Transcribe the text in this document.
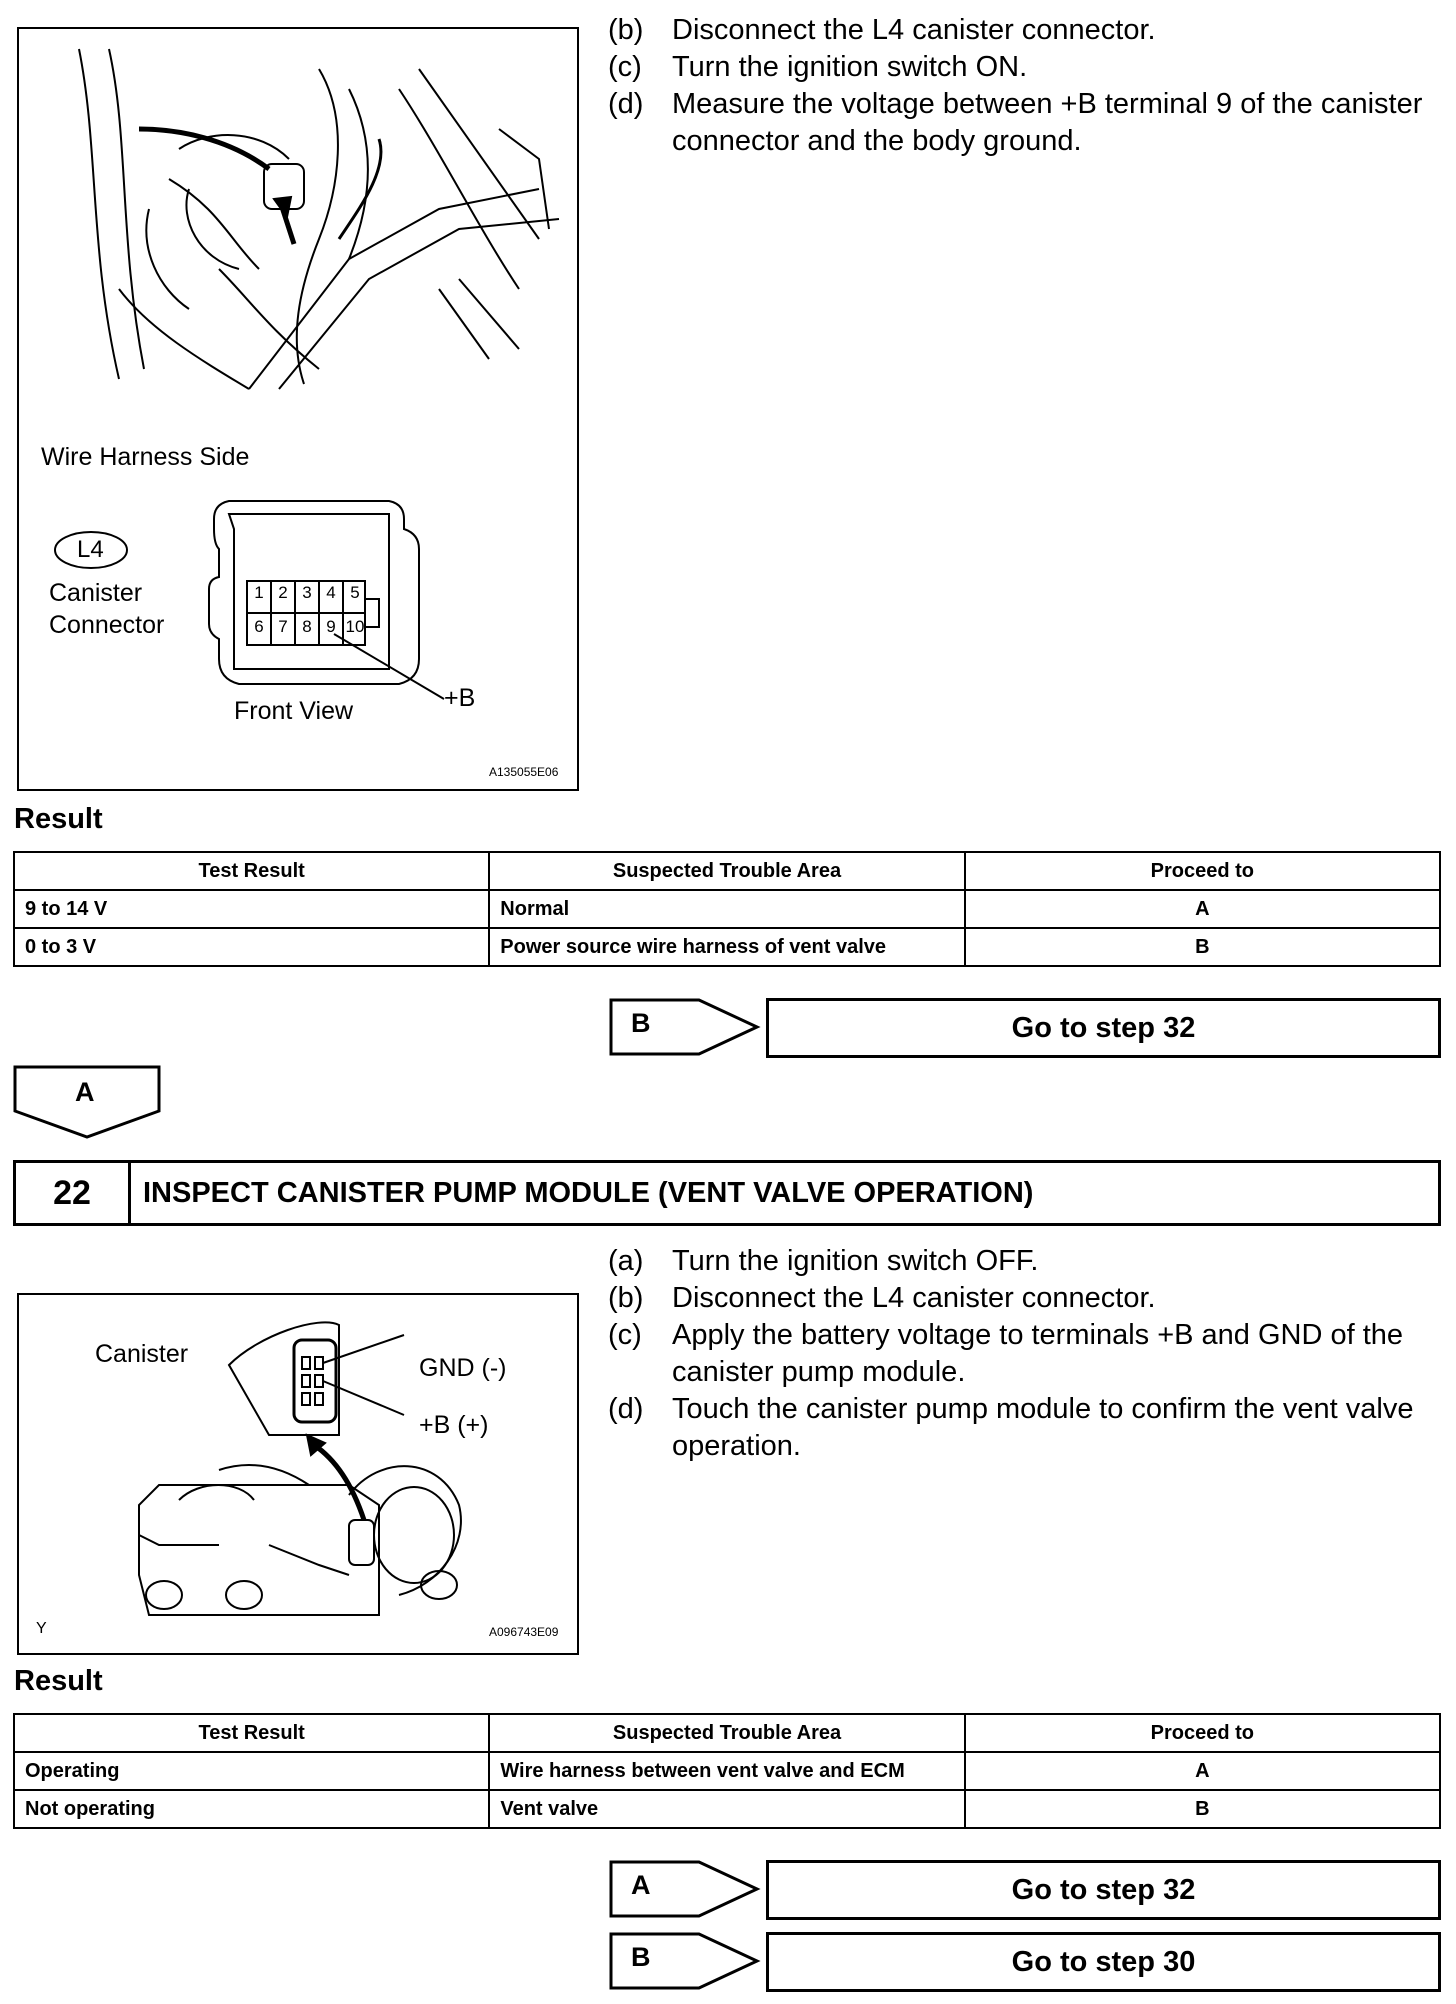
Wire Harness Side
L4
Canister
Connector
1 2 3 4 5
6 7 8 9 10
+B
Front View
A135055E06
(b) Disconnect the L4 canister connector.
(c) Turn the ignition switch ON.
(d) Measure the voltage between +B terminal 9 of the canister connector and the body ground.
Result
Test Result	Suspected Trouble Area	Proceed to
9 to 14 V	Normal	A
0 to 3 V	Power source wire harness of vent valve	B
B	Go to step 32
A
22	INSPECT CANISTER PUMP MODULE (VENT VALVE OPERATION)
Canister	GND (-)
+B (+)
Y	A096743E09
(a) Turn the ignition switch OFF.
(b) Disconnect the L4 canister connector.
(c) Apply the battery voltage to terminals +B and GND of the canister pump module.
(d) Touch the canister pump module to confirm the vent valve operation.
Result
Test Result	Suspected Trouble Area	Proceed to
Operating	Wire harness between vent valve and ECM	A
Not operating	Vent valve	B
A	Go to step 32
B	Go to step 30
